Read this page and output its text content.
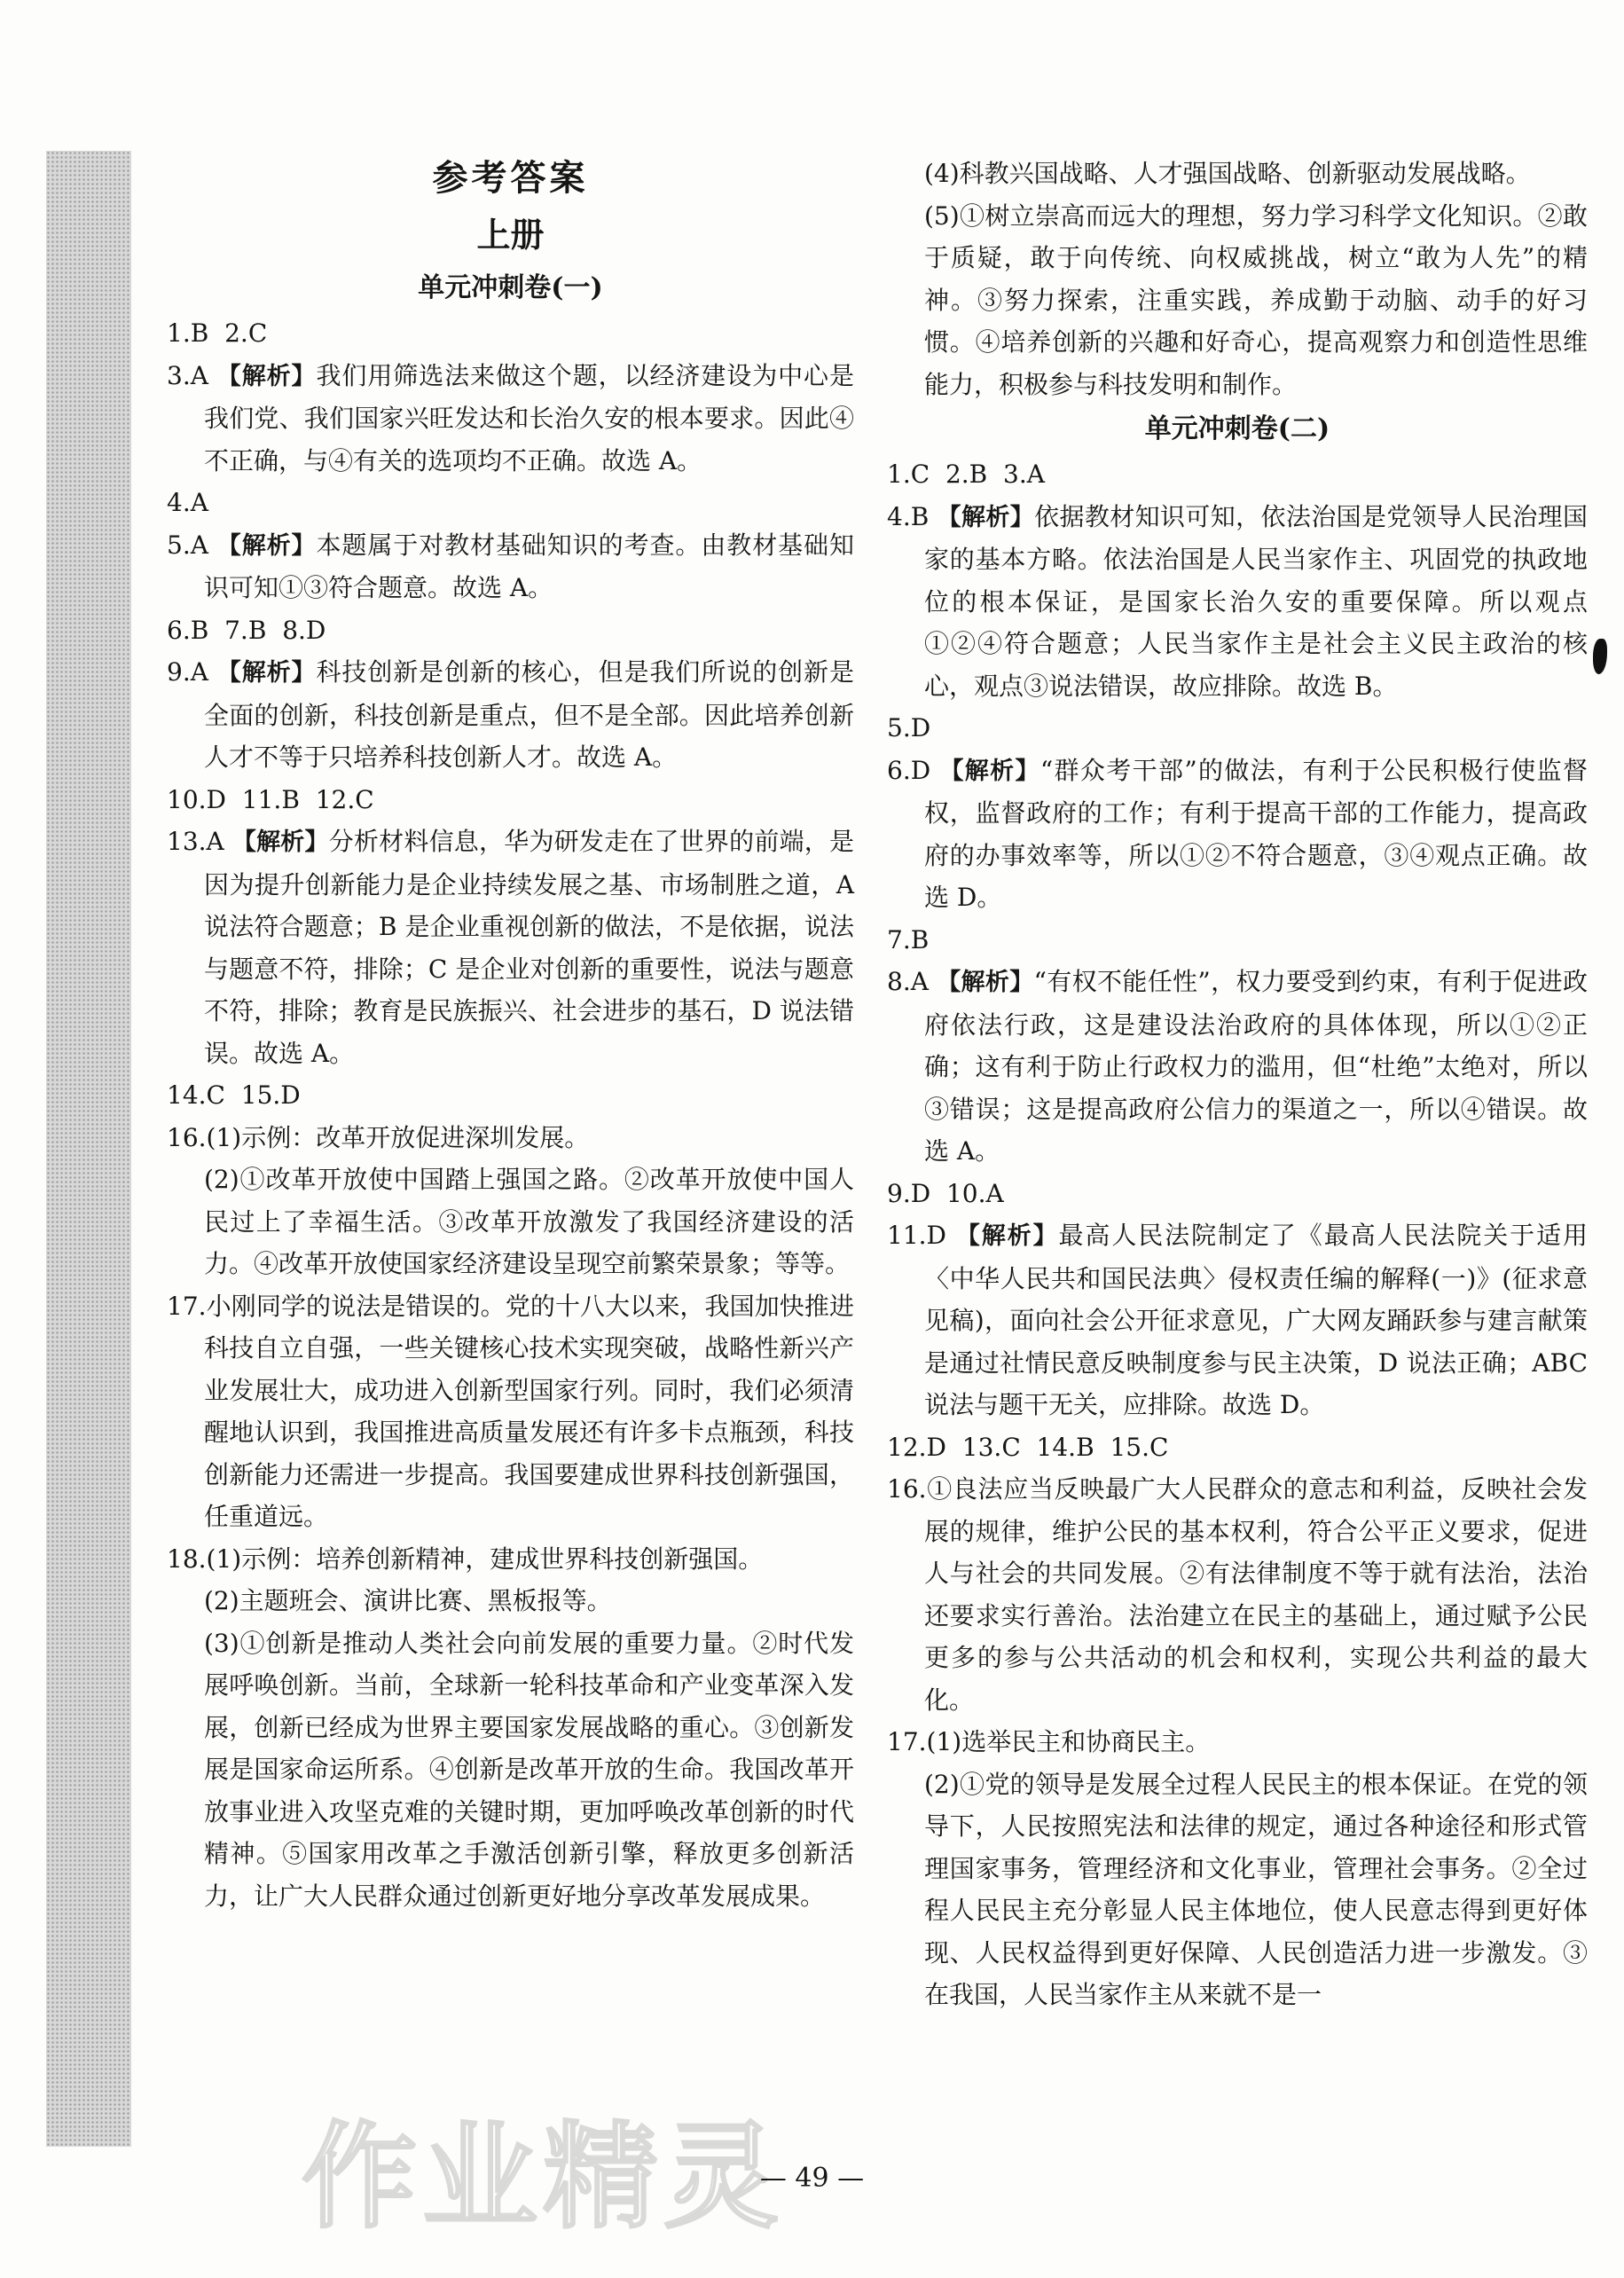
参考答案
上册
单元冲刺卷(一)
1.B  2.C
3.A 【解析】我们用筛选法来做这个题，以经济建设为中心是我们党、我们国家兴旺发达和长治久安的根本要求。因此④不正确，与④有关的选项均不正确。故选 A。
4.A
5.A 【解析】本题属于对教材基础知识的考查。由教材基础知识可知①③符合题意。故选 A。
6.B  7.B  8.D
9.A 【解析】科技创新是创新的核心，但是我们所说的创新是全面的创新，科技创新是重点，但不是全部。因此培养创新人才不等于只培养科技创新人才。故选 A。
10.D  11.B  12.C
13.A 【解析】分析材料信息，华为研发走在了世界的前端，是因为提升创新能力是企业持续发展之基、市场制胜之道，A 说法符合题意；B 是企业重视创新的做法，不是依据，说法与题意不符，排除；C 是企业对创新的重要性，说法与题意不符，排除；教育是民族振兴、社会进步的基石，D 说法错误。故选 A。
14.C  15.D
16.(1)示例：改革开放促进深圳发展。
(2)①改革开放使中国踏上强国之路。②改革开放使中国人民过上了幸福生活。③改革开放激发了我国经济建设的活力。④改革开放使国家经济建设呈现空前繁荣景象；等等。
17.小刚同学的说法是错误的。党的十八大以来，我国加快推进科技自立自强，一些关键核心技术实现突破，战略性新兴产业发展壮大，成功进入创新型国家行列。同时，我们必须清醒地认识到，我国推进高质量发展还有许多卡点瓶颈，科技创新能力还需进一步提高。我国要建成世界科技创新强国，任重道远。
18.(1)示例：培养创新精神，建成世界科技创新强国。
(2)主题班会、演讲比赛、黑板报等。
(3)①创新是推动人类社会向前发展的重要力量。②时代发展呼唤创新。当前，全球新一轮科技革命和产业变革深入发展，创新已经成为世界主要国家发展战略的重心。③创新发展是国家命运所系。④创新是改革开放的生命。我国改革开放事业进入攻坚克难的关键时期，更加呼唤改革创新的时代精神。⑤国家用改革之手激活创新引擎，释放更多创新活力，让广大人民群众通过创新更好地分享改革发展成果。
(4)科教兴国战略、人才强国战略、创新驱动发展战略。
(5)①树立崇高而远大的理想，努力学习科学文化知识。②敢于质疑，敢于向传统、向权威挑战，树立“敢为人先”的精神。③努力探索，注重实践，养成勤于动脑、动手的好习惯。④培养创新的兴趣和好奇心，提高观察力和创造性思维能力，积极参与科技发明和制作。
单元冲刺卷(二)
1.C  2.B  3.A
4.B 【解析】依据教材知识可知，依法治国是党领导人民治理国家的基本方略。依法治国是人民当家作主、巩固党的执政地位的根本保证，是国家长治久安的重要保障。所以观点①②④符合题意；人民当家作主是社会主义民主政治的核心，观点③说法错误，故应排除。故选 B。
5.D
6.D 【解析】“群众考干部”的做法，有利于公民积极行使监督权，监督政府的工作；有利于提高干部的工作能力，提高政府的办事效率等，所以①②不符合题意，③④观点正确。故选 D。
7.B
8.A 【解析】“有权不能任性”，权力要受到约束，有利于促进政府依法行政，这是建设法治政府的具体体现，所以①②正确；这有利于防止行政权力的滥用，但“杜绝”太绝对，所以③错误；这是提高政府公信力的渠道之一，所以④错误。故选 A。
9.D  10.A
11.D 【解析】最高人民法院制定了《最高人民法院关于适用〈中华人民共和国民法典〉侵权责任编的解释(一)》(征求意见稿)，面向社会公开征求意见，广大网友踊跃参与建言献策是通过社情民意反映制度参与民主决策，D 说法正确；ABC 说法与题干无关，应排除。故选 D。
12.D  13.C  14.B  15.C
16.①良法应当反映最广大人民群众的意志和利益，反映社会发展的规律，维护公民的基本权利，符合公平正义要求，促进人与社会的共同发展。②有法律制度不等于就有法治，法治还要求实行善治。法治建立在民主的基础上，通过赋予公民更多的参与公共活动的机会和权利，实现公共利益的最大化。
17.(1)选举民主和协商民主。
(2)①党的领导是发展全过程人民民主的根本保证。在党的领导下，人民按照宪法和法律的规定，通过各种途径和形式管理国家事务，管理经济和文化事业，管理社会事务。②全过程人民民主充分彰显人民主体地位，使人民意志得到更好体现、人民权益得到更好保障、人民创造活力进一步激发。③在我国，人民当家作主从来就不是一
作业精灵
— 49 —
